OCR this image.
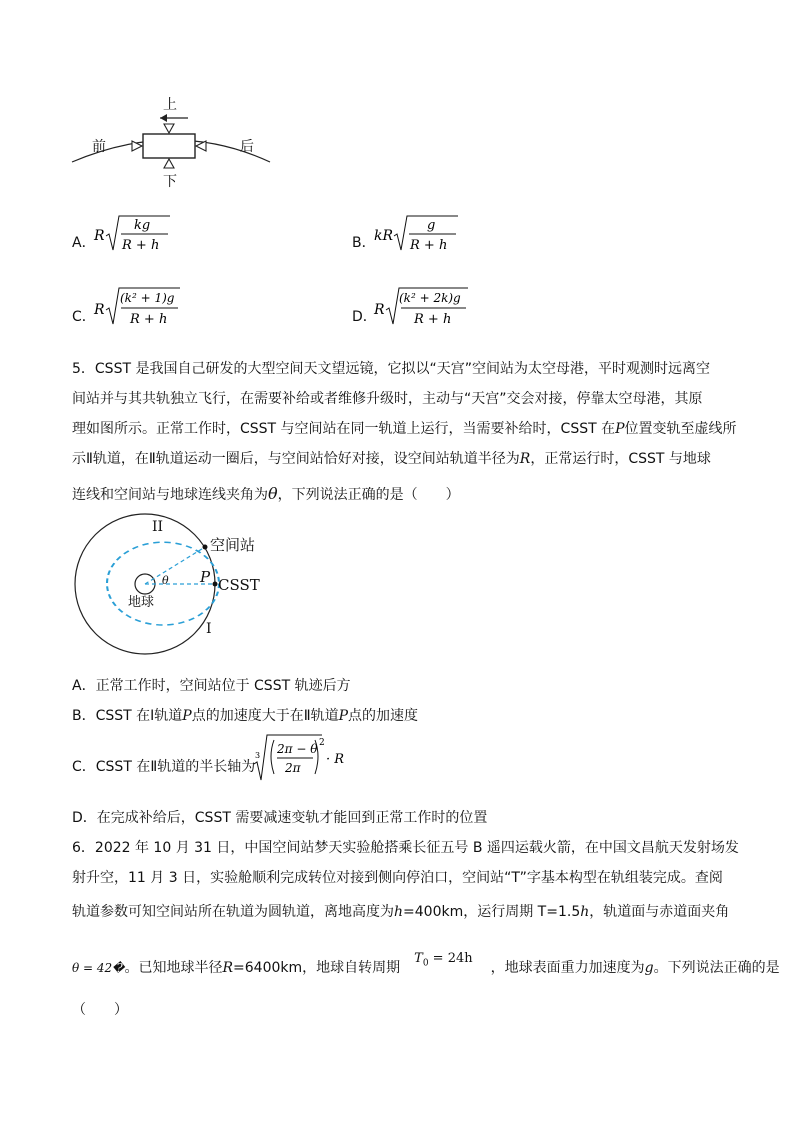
上
下
前	后
A．
R
kg
R + h	B．
kR
g
R + h
C．
R
(k² + 1)g
R + h	D．
R
(k² + 2k)g
R + h
5．CSST 是我国自己研发的大型空间天文望远镜，它拟以“天宫”空间站为太空母港，平时观测时远离空
间站并与其共轨独立飞行，在需要补给或者维修升级时，主动与“天宫”交会对接，停靠太空母港，其原
理如图所示。正常工作时，CSST 与空间站在同一轨道上运行，当需要补给时，CSST 在P位置变轨至虚线所
示Ⅱ轨道，在Ⅱ轨道运动一圈后，与空间站恰好对接，设空间站轨道半径为R，正常运行时，CSST 与地球
连线和空间站与地球连线夹角为θ，下列说法正确的是（　　）
II
空间站
P CSST
地球
θ
I
A．正常工作时，空间站位于 CSST 轨迹后方
B．CSST 在Ⅰ轨道P点的加速度大于在Ⅱ轨道P点的加速度
C．CSST 在Ⅱ轨道的半长轴为
3 2π − θ
2π
2
· R
D．在完成补给后，CSST 需要减速变轨才能回到正常工作时的位置
6．2022 年 10 月 31 日，中国空间站梦天实验舱搭乘长征五号 B 遥四运载火箭，在中国文昌航天发射场发
射升空，11 月 3 日，实验舱顺利完成转位对接到侧向停泊口，空间站“T”字基本构型在轨组装完成。查阅
轨道参数可知空间站所在轨道为圆轨道，离地高度为h=400km，运行周期 T=1.5h，轨道面与赤道面夹角
θ = 42�。已知地球半径R=6400km，地球自转周期$T_0 = 24h$，地球表面重力加速度为g。下列说法正确的是
（　　）
